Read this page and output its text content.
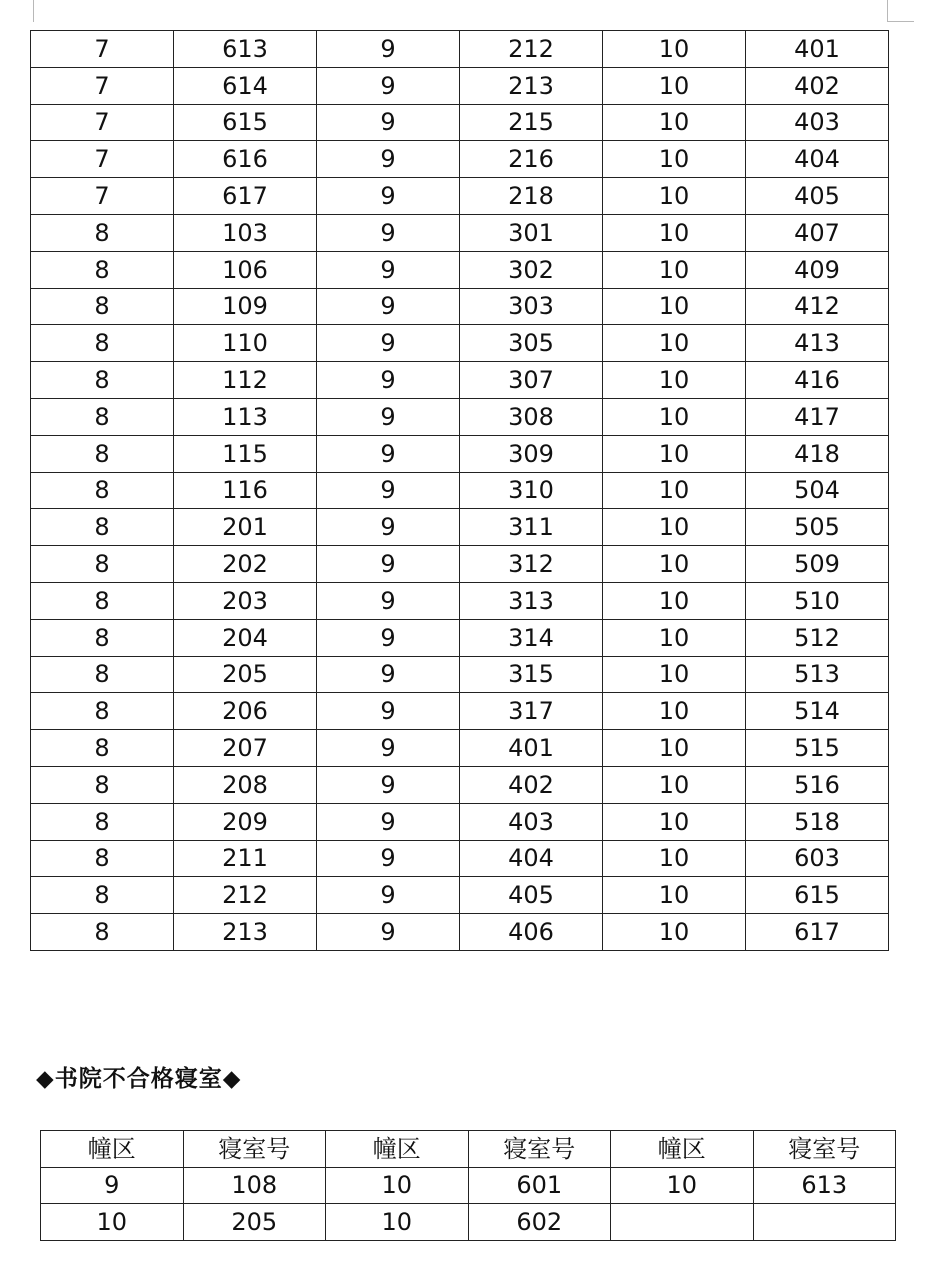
7	613	9	212	10	401
7	614	9	213	10	402
7	615	9	215	10	403
7	616	9	216	10	404
7	617	9	218	10	405
8	103	9	301	10	407
8	106	9	302	10	409
8	109	9	303	10	412
8	110	9	305	10	413
8	112	9	307	10	416
8	113	9	308	10	417
8	115	9	309	10	418
8	116	9	310	10	504
8	201	9	311	10	505
8	202	9	312	10	509
8	203	9	313	10	510
8	204	9	314	10	512
8	205	9	315	10	513
8	206	9	317	10	514
8	207	9	401	10	515
8	208	9	402	10	516
8	209	9	403	10	518
8	211	9	404	10	603
8	212	9	405	10	615
8	213	9	406	10	617
◆书院不合格寝室◆
幢区	寝室号	幢区	寝室号	幢区	寝室号
9	108	10	601	10	613
10	205	10	602		
